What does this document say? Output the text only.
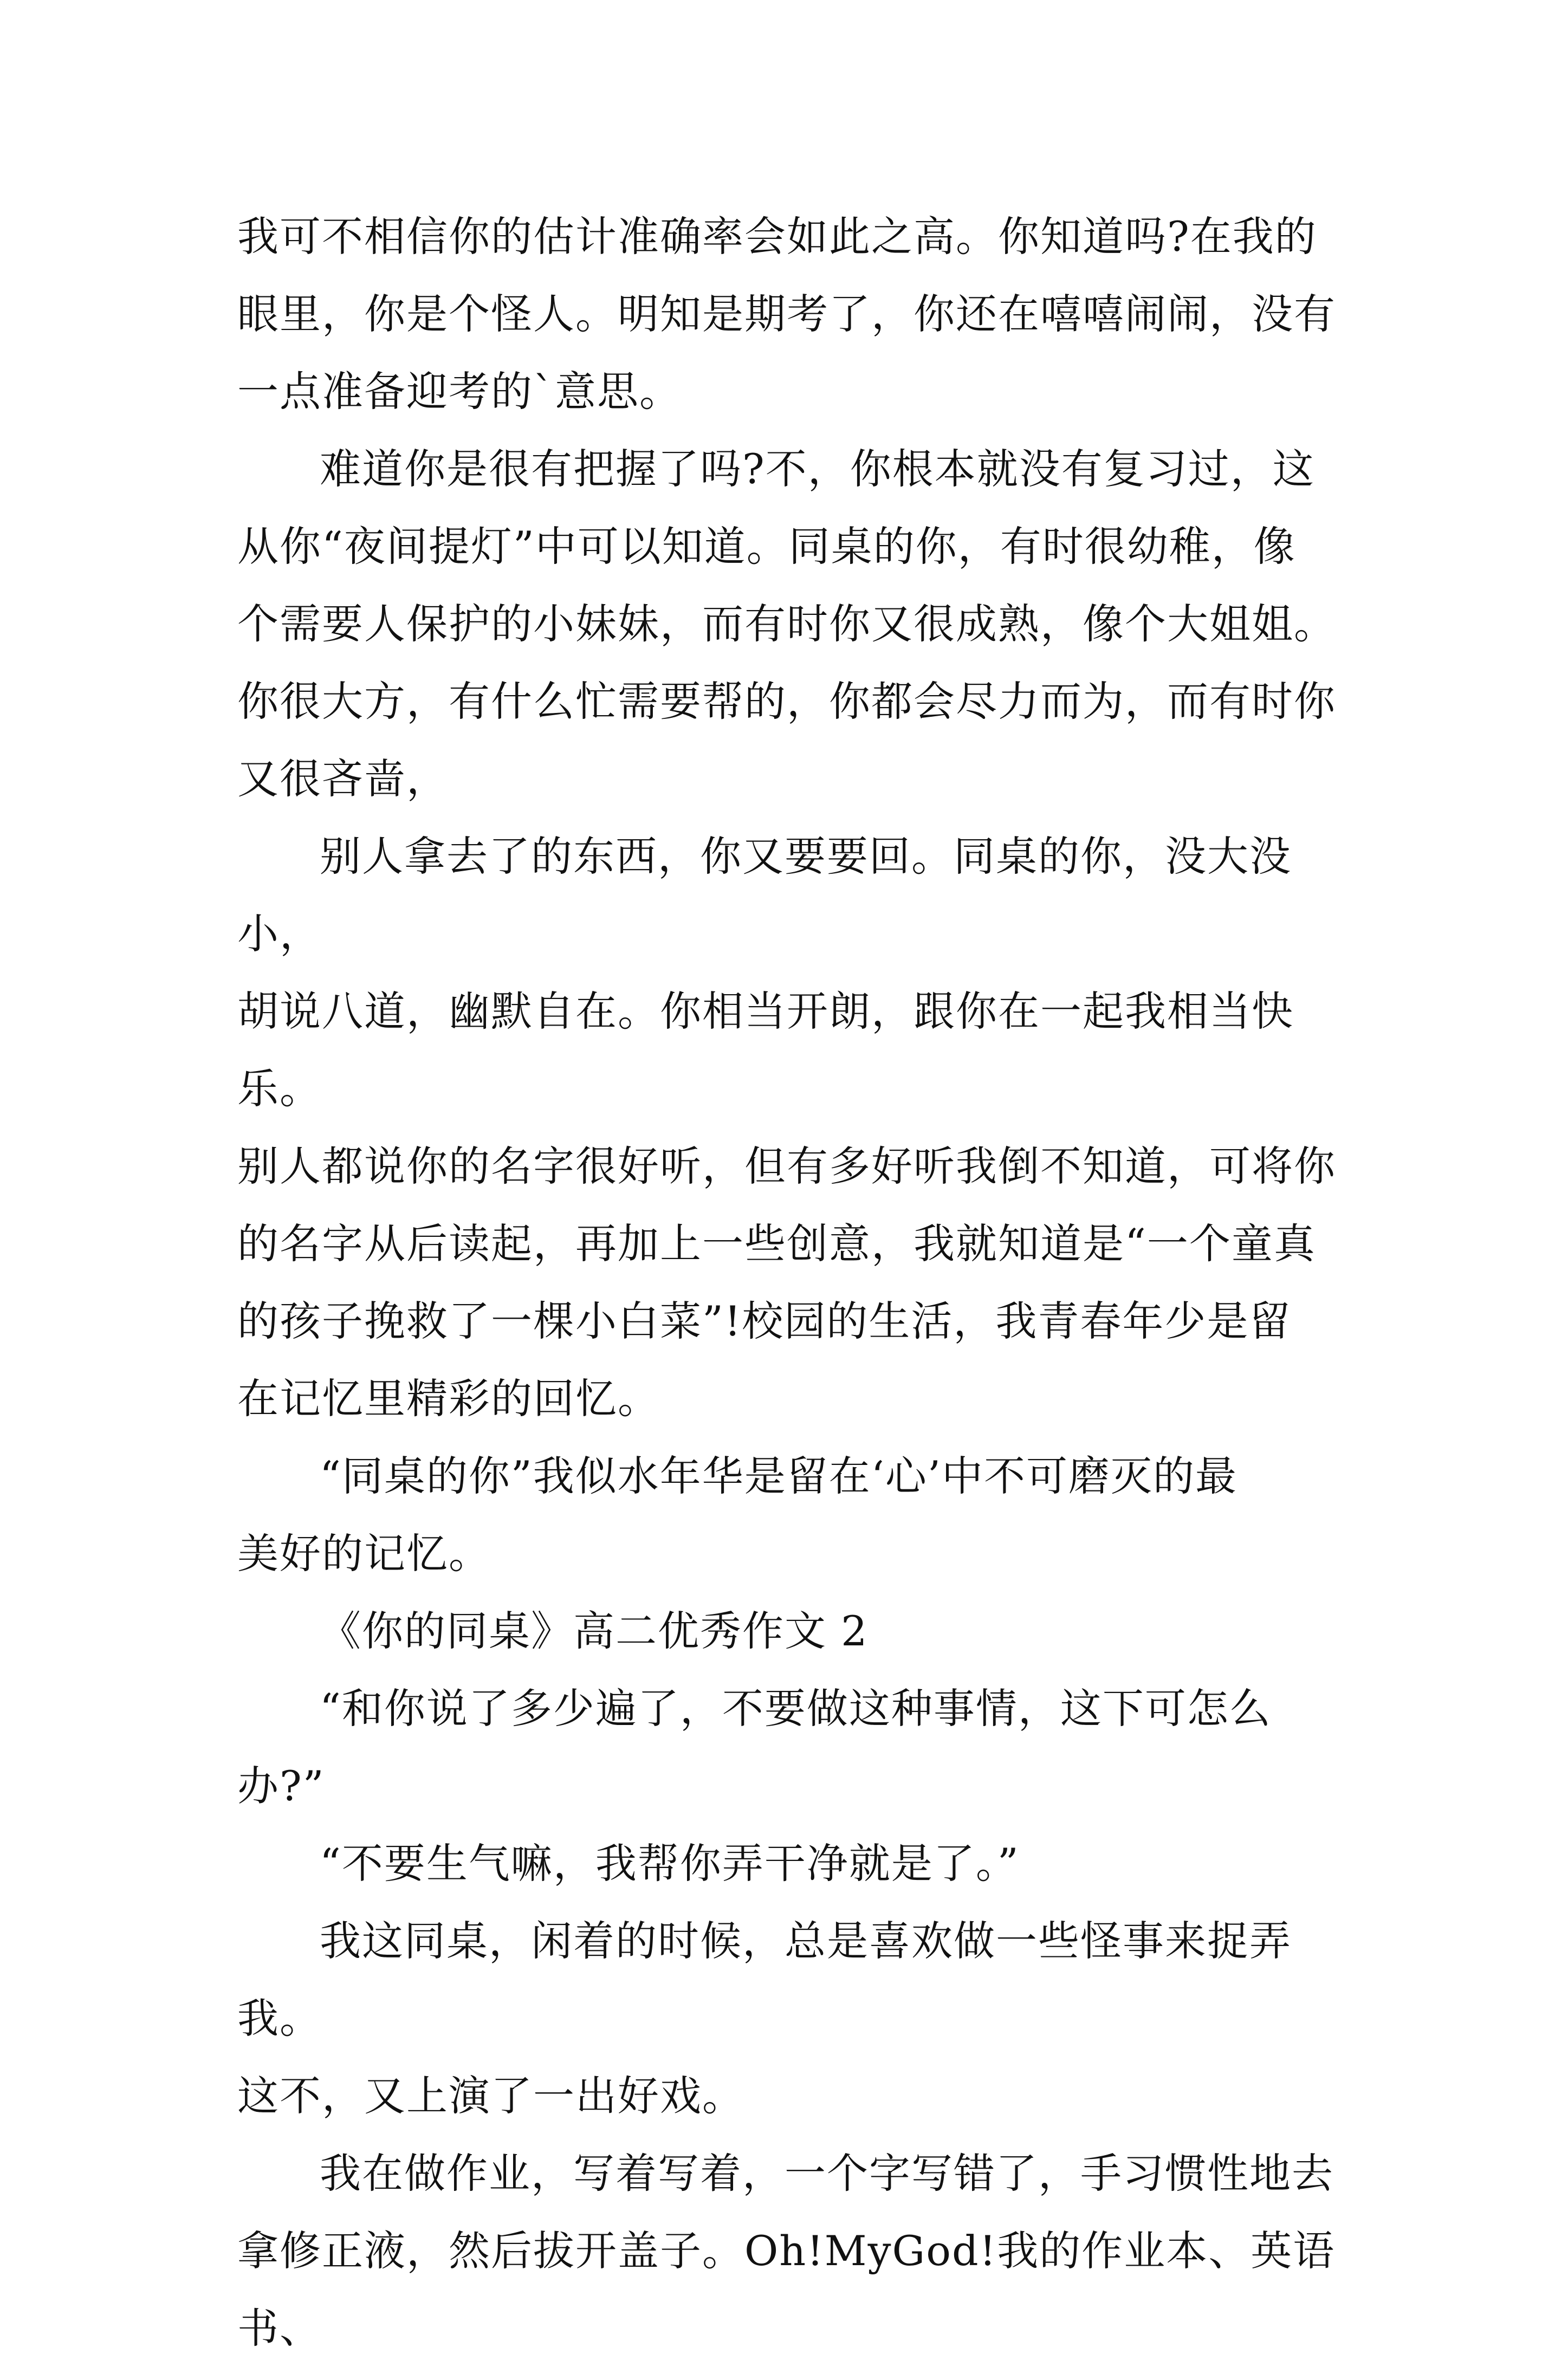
我可不相信你的估计准确率会如此之高。你知道吗?在我的

眼里，你是个怪人。明知是期考了，你还在嘻嘻闹闹，没有

一点准备迎考的`意思。

难道你是很有把握了吗?不，你根本就没有复习过，这

从你“夜间提灯”中可以知道。同桌的你，有时很幼稚，像

个需要人保护的小妹妹，而有时你又很成熟，像个大姐姐。

你很大方，有什么忙需要帮的，你都会尽力而为，而有时你

又很吝啬，

别人拿去了的东西，你又要要回。同桌的你，没大没小，

胡说八道，幽默自在。你相当开朗，跟你在一起我相当快乐。

别人都说你的名字很好听，但有多好听我倒不知道，可将你

的名字从后读起，再加上一些创意，我就知道是“一个童真

的孩子挽救了一棵小白菜”!校园的生活，我青春年少是留

在记忆里精彩的回忆。

“同桌的你”我似水年华是留在‘心’中不可磨灭的最

美好的记忆。

《你的同桌》高二优秀作文 2

“和你说了多少遍了，不要做这种事情，这下可怎么

办?”

“不要生气嘛，我帮你弄干净就是了。”

我这同桌，闲着的时候，总是喜欢做一些怪事来捉弄我。

这不，又上演了一出好戏。

我在做作业，写着写着，一个字写错了，手习惯性地去

拿修正液，然后拔开盖子。Oh!MyGod!我的作业本、英语书、
